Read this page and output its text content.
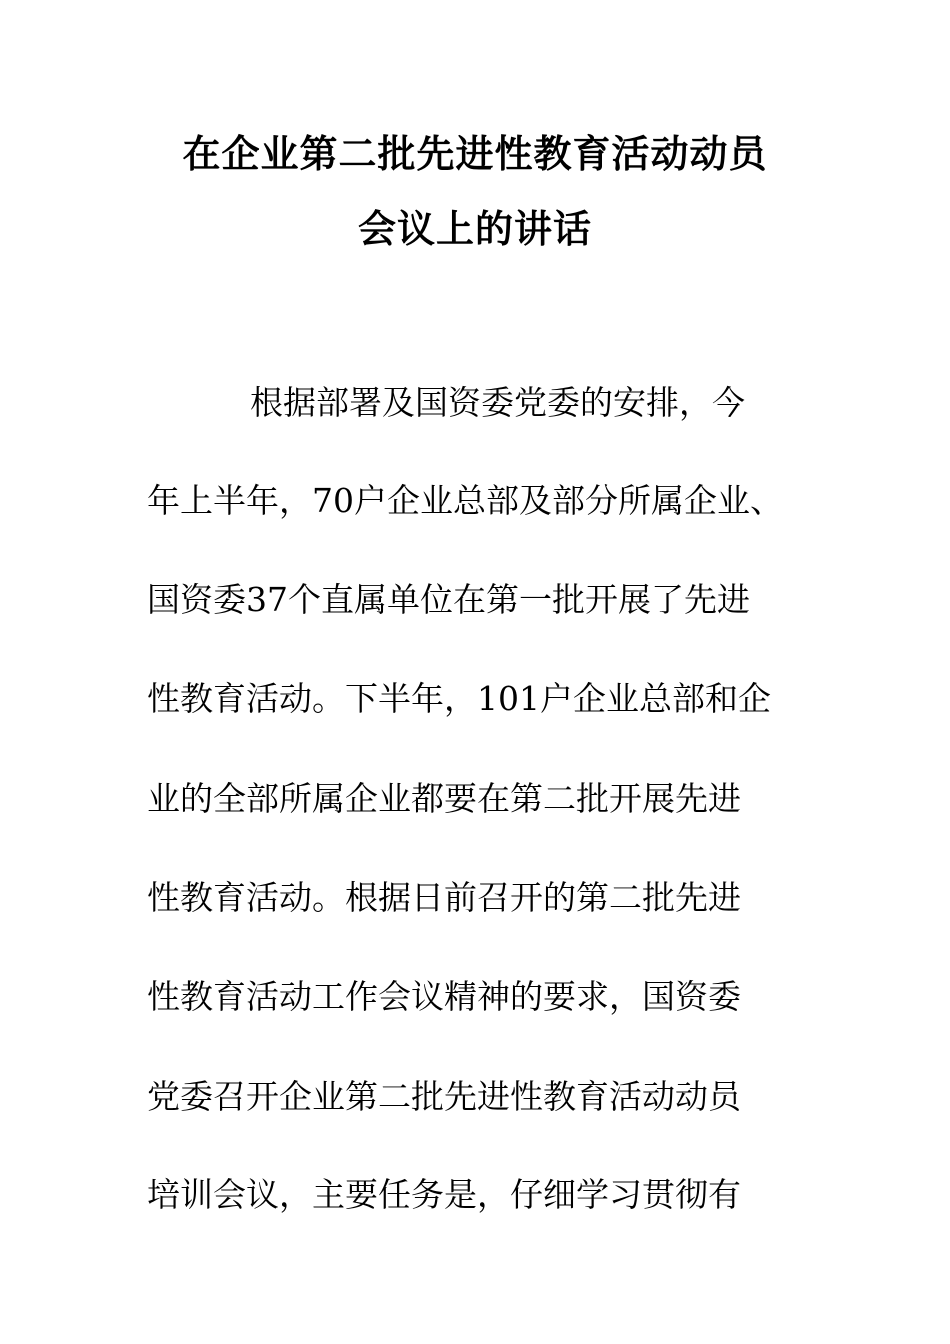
在企业第二批先进性教育活动动员
会议上的讲话
根据部署及国资委党委的安排，今
年上半年，70户企业总部及部分所属企业、
国资委37个直属单位在第一批开展了先进
性教育活动。下半年，101户企业总部和企
业的全部所属企业都要在第二批开展先进
性教育活动。根据日前召开的第二批先进
性教育活动工作会议精神的要求，国资委
党委召开企业第二批先进性教育活动动员
培训会议，主要任务是，仔细学习贯彻有
